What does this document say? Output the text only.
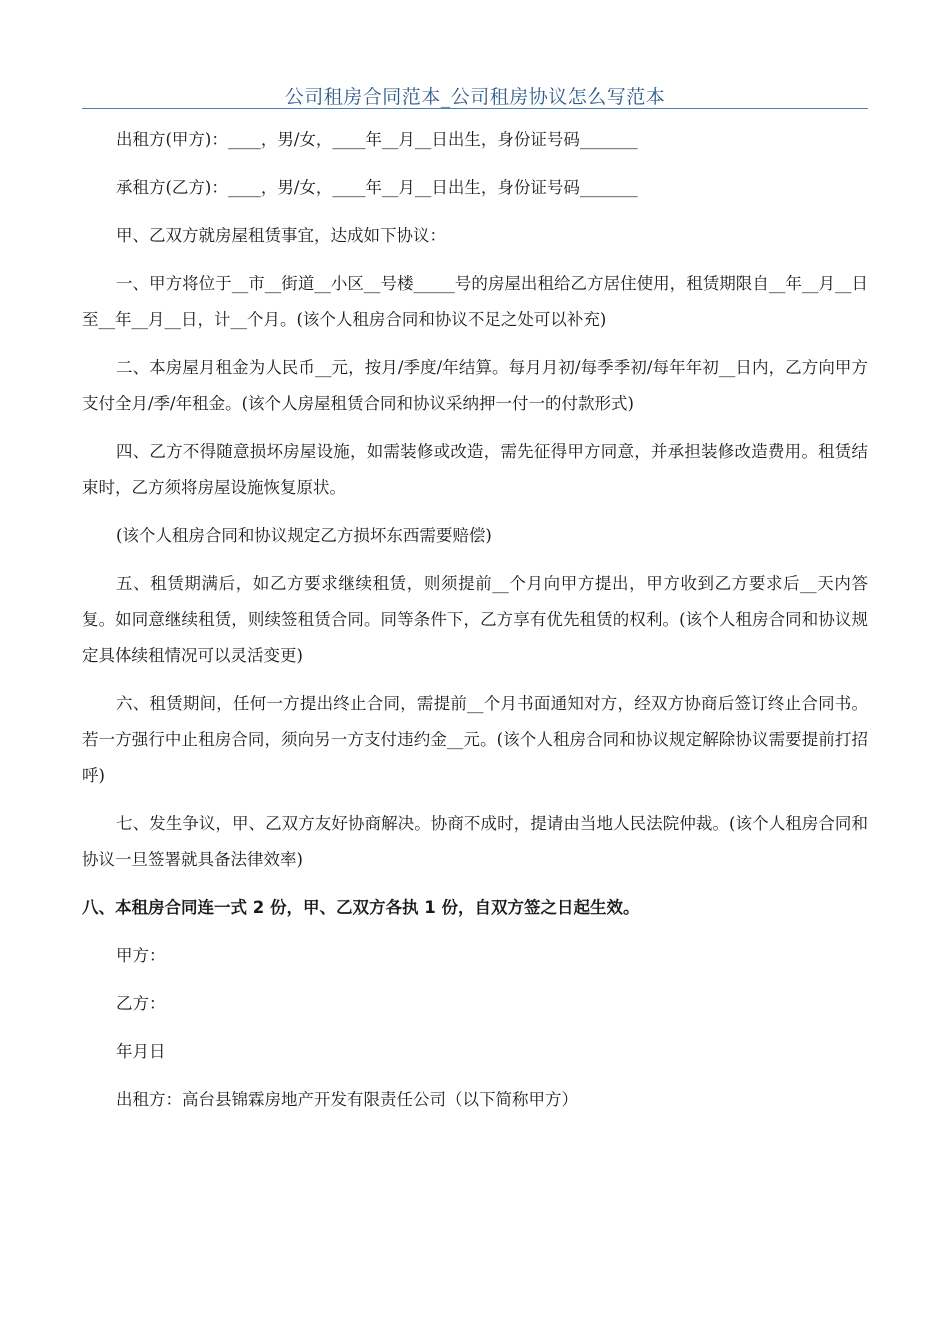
公司租房合同范本_公司租房协议怎么写范本

出租方(甲方)：____，男/女，____年__月__日出生，身份证号码_______

承租方(乙方)：____，男/女，____年__月__日出生，身份证号码_______

甲、乙双方就房屋租赁事宜，达成如下协议：

一、甲方将位于__市__街道__小区__号楼_____号的房屋出租给乙方居住使用，租赁期限自__年__月__日至__年__月__日，计__个月。(该个人租房合同和协议不足之处可以补充)

二、本房屋月租金为人民币__元，按月/季度/年结算。每月月初/每季季初/每年年初__日内，乙方向甲方支付全月/季/年租金。(该个人房屋租赁合同和协议采纳押一付一的付款形式)

四、乙方不得随意损坏房屋设施，如需装修或改造，需先征得甲方同意，并承担装修改造费用。租赁结束时，乙方须将房屋设施恢复原状。

(该个人租房合同和协议规定乙方损坏东西需要赔偿)

五、租赁期满后，如乙方要求继续租赁，则须提前__个月向甲方提出，甲方收到乙方要求后__天内答复。如同意继续租赁，则续签租赁合同。同等条件下，乙方享有优先租赁的权利。(该个人租房合同和协议规定具体续租情况可以灵活变更)

六、租赁期间，任何一方提出终止合同，需提前__个月书面通知对方，经双方协商后签订终止合同书。若一方强行中止租房合同，须向另一方支付违约金__元。(该个人租房合同和协议规定解除协议需要提前打招呼)

七、发生争议，甲、乙双方友好协商解决。协商不成时，提请由当地人民法院仲裁。(该个人租房合同和协议一旦签署就具备法律效率)

八、本租房合同连一式 2 份，甲、乙双方各执 1 份，自双方签之日起生效。

甲方：

乙方：

年月日

出租方：高台县锦霖房地产开发有限责任公司（以下简称甲方）
